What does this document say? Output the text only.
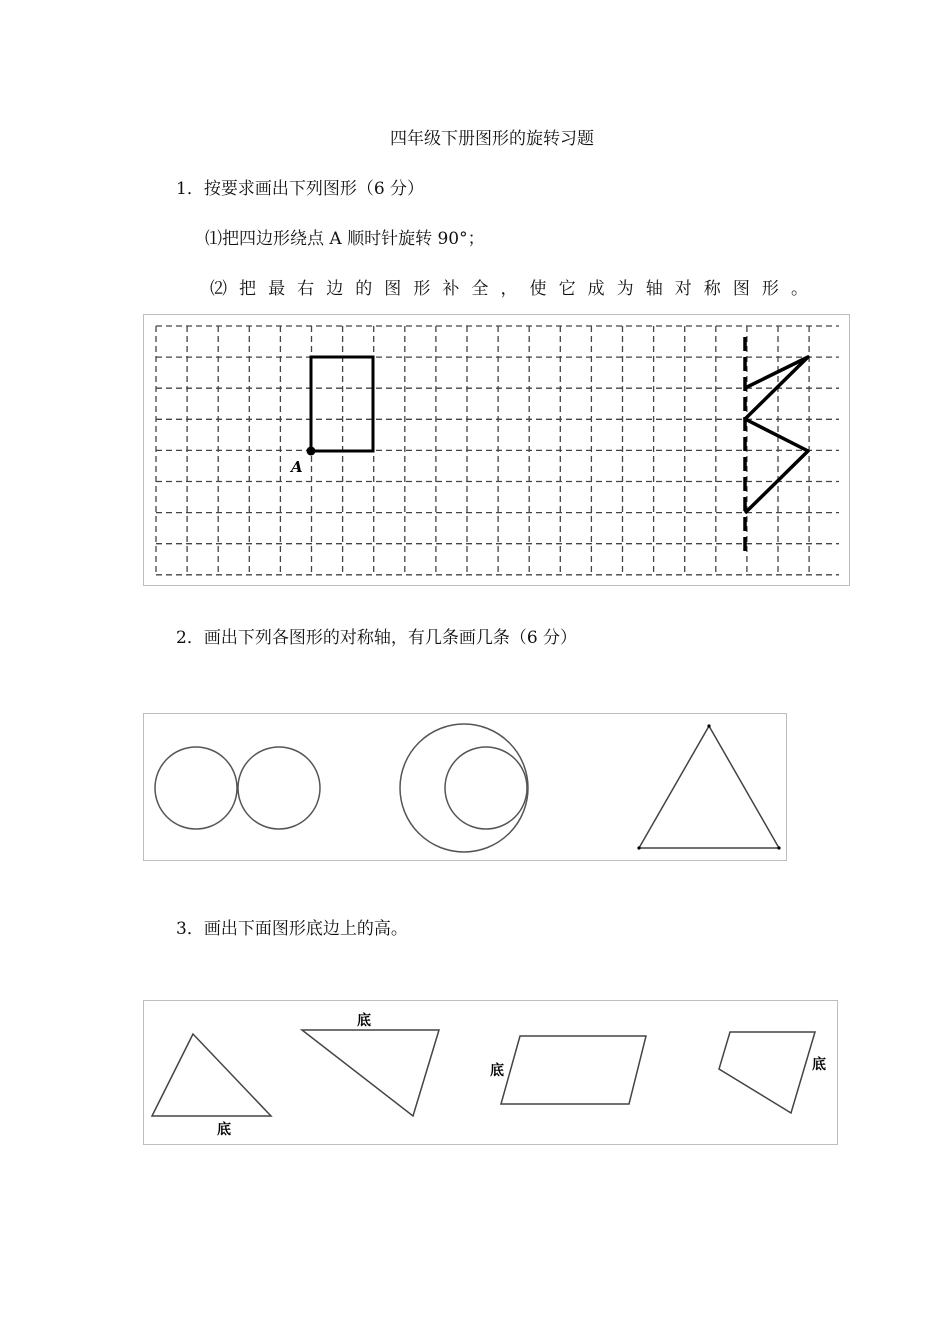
四年级下册图形的旋转习题
1．按要求画出下列图形（6 分）
⑴把四边形绕点 A 顺时针旋转 90°；
⑵ 把 最 右 边 的 图 形 补 全 ， 使 它 成 为 轴 对 称 图 形 。
A
2．画出下列各图形的对称轴，有几条画几条（6 分）
3．画出下面图形底边上的高。
底
底
底	底
